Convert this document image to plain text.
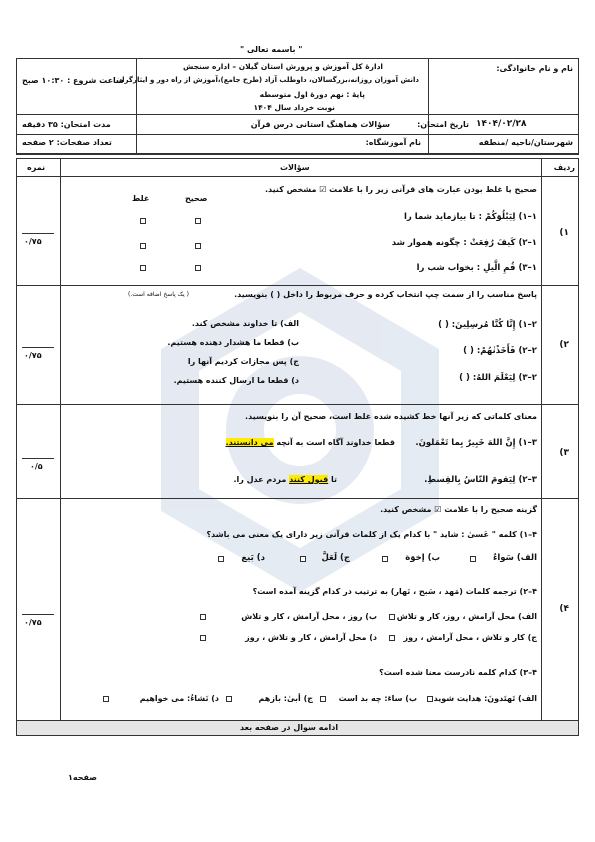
" باسمه تعالی "
نام و نام خانوادگی:
ادارهٔ کل آموزش و پرورش استان گیلان – اداره سنجش
دانش آموزان روزانه،بزرگسالان، داوطلب آزاد (طرح جامع)،آموزش از راه دور و ایثارگران
پایهٔ : نهم دورهٔ اول متوسطه
نوبت خرداد سال ۱۴۰۴
ساعت شروع : ۱۰:۳۰ صبح
تاریخ امتحان: ۱۴۰۴/۰۲/۲۸
سؤالات هماهنگ استانی درس قرآن
مدت امتحان: ۳۵ دقیقه
شهرستان/ناحیه /منطقه
نام آموزشگاه:
تعداد صفحات: ۲ صفحه
ردیف
سؤالات
نمره
۱)
صحیح یا غلط بودن عبارت های قرآنی زیر را با علامت ☑ مشخص کنید.
صحیح
غلط
۱–۱) لِيَبْلُوَكُمْ : تا بیازماید شما را
۱–۲) كَيفَ رُفِعَتْ : چگونه هموار شد
۱–۳) قُمِ الَّيلِ : بخواب شب را
۰/۷۵
۲)
پاسخ مناسب را از سمت چپ انتخاب کرده و حرف مربوط را داخل ( ) بنویسید.
( یک پاسخ اضافه است.)
۲–۱) إِنَّا كُنَّا مُرسِلِينَ: ( )
۲–۲) فَأَخَذْنٰهُمْ: ( )
۲–۳) لِيَعْلَمَ اللهُ: ( )
الف) تا خداوند مشخص کند.
ب) قطعا ما هشدار دهنده هستیم.
ج) پس مجازات کردیم آنها را
د) قطعا ما ارسال کننده هستیم.
۰/۷۵
۳)
معنای کلماتی که زیر آنها خط کشیده شده غلط است، صحیح آن را بنویسید.
۳–۱) إِنَّ اللهَ خَبِيرٌ بِما تَعْمَلونَ.
قطعا خداوند آگاه است به آنچه می دانستند.
۳–۲) لِيَقومَ النّاسُ بِالقِسطِ.
تا قبول کنند مردم عدل را.
۰/۵
۴)
گزینه صحیح را با علامت ☑ مشخص کنید.
۴–۱) کلمه " عَسیٰ : شاید " با کدام یک از کلمات قرآنی زیر دارای یک معنی می باشد؟
الف) سَواءٌ
ب) إخوَة
ج) لَعَلَّ
د) بَيع
۴–۲) ترجمه کلمات (مَهد ، سَبح ، نَهار) به ترتیب در کدام گزینه آمده است؟
الف) محل آرامش ، روز، کار و تلاش
ب) روز ، محل آرامش ، کار و تلاش
ج) کار و تلاش ، محل آرامش ، روز
د) محل آرامش ، کار و تلاش ، روز
۴–۳) کدام کلمه نادرست معنا شده است؟
الف) تَهتَدونَ: هدایت شوید
ب) ساءَ: چه بد است
ج) أبىٰ: بازهم
د) نَشاءُ: می خواهیم
۰/۷۵
ادامه سوال در صفحه بعد
صفحه۱
